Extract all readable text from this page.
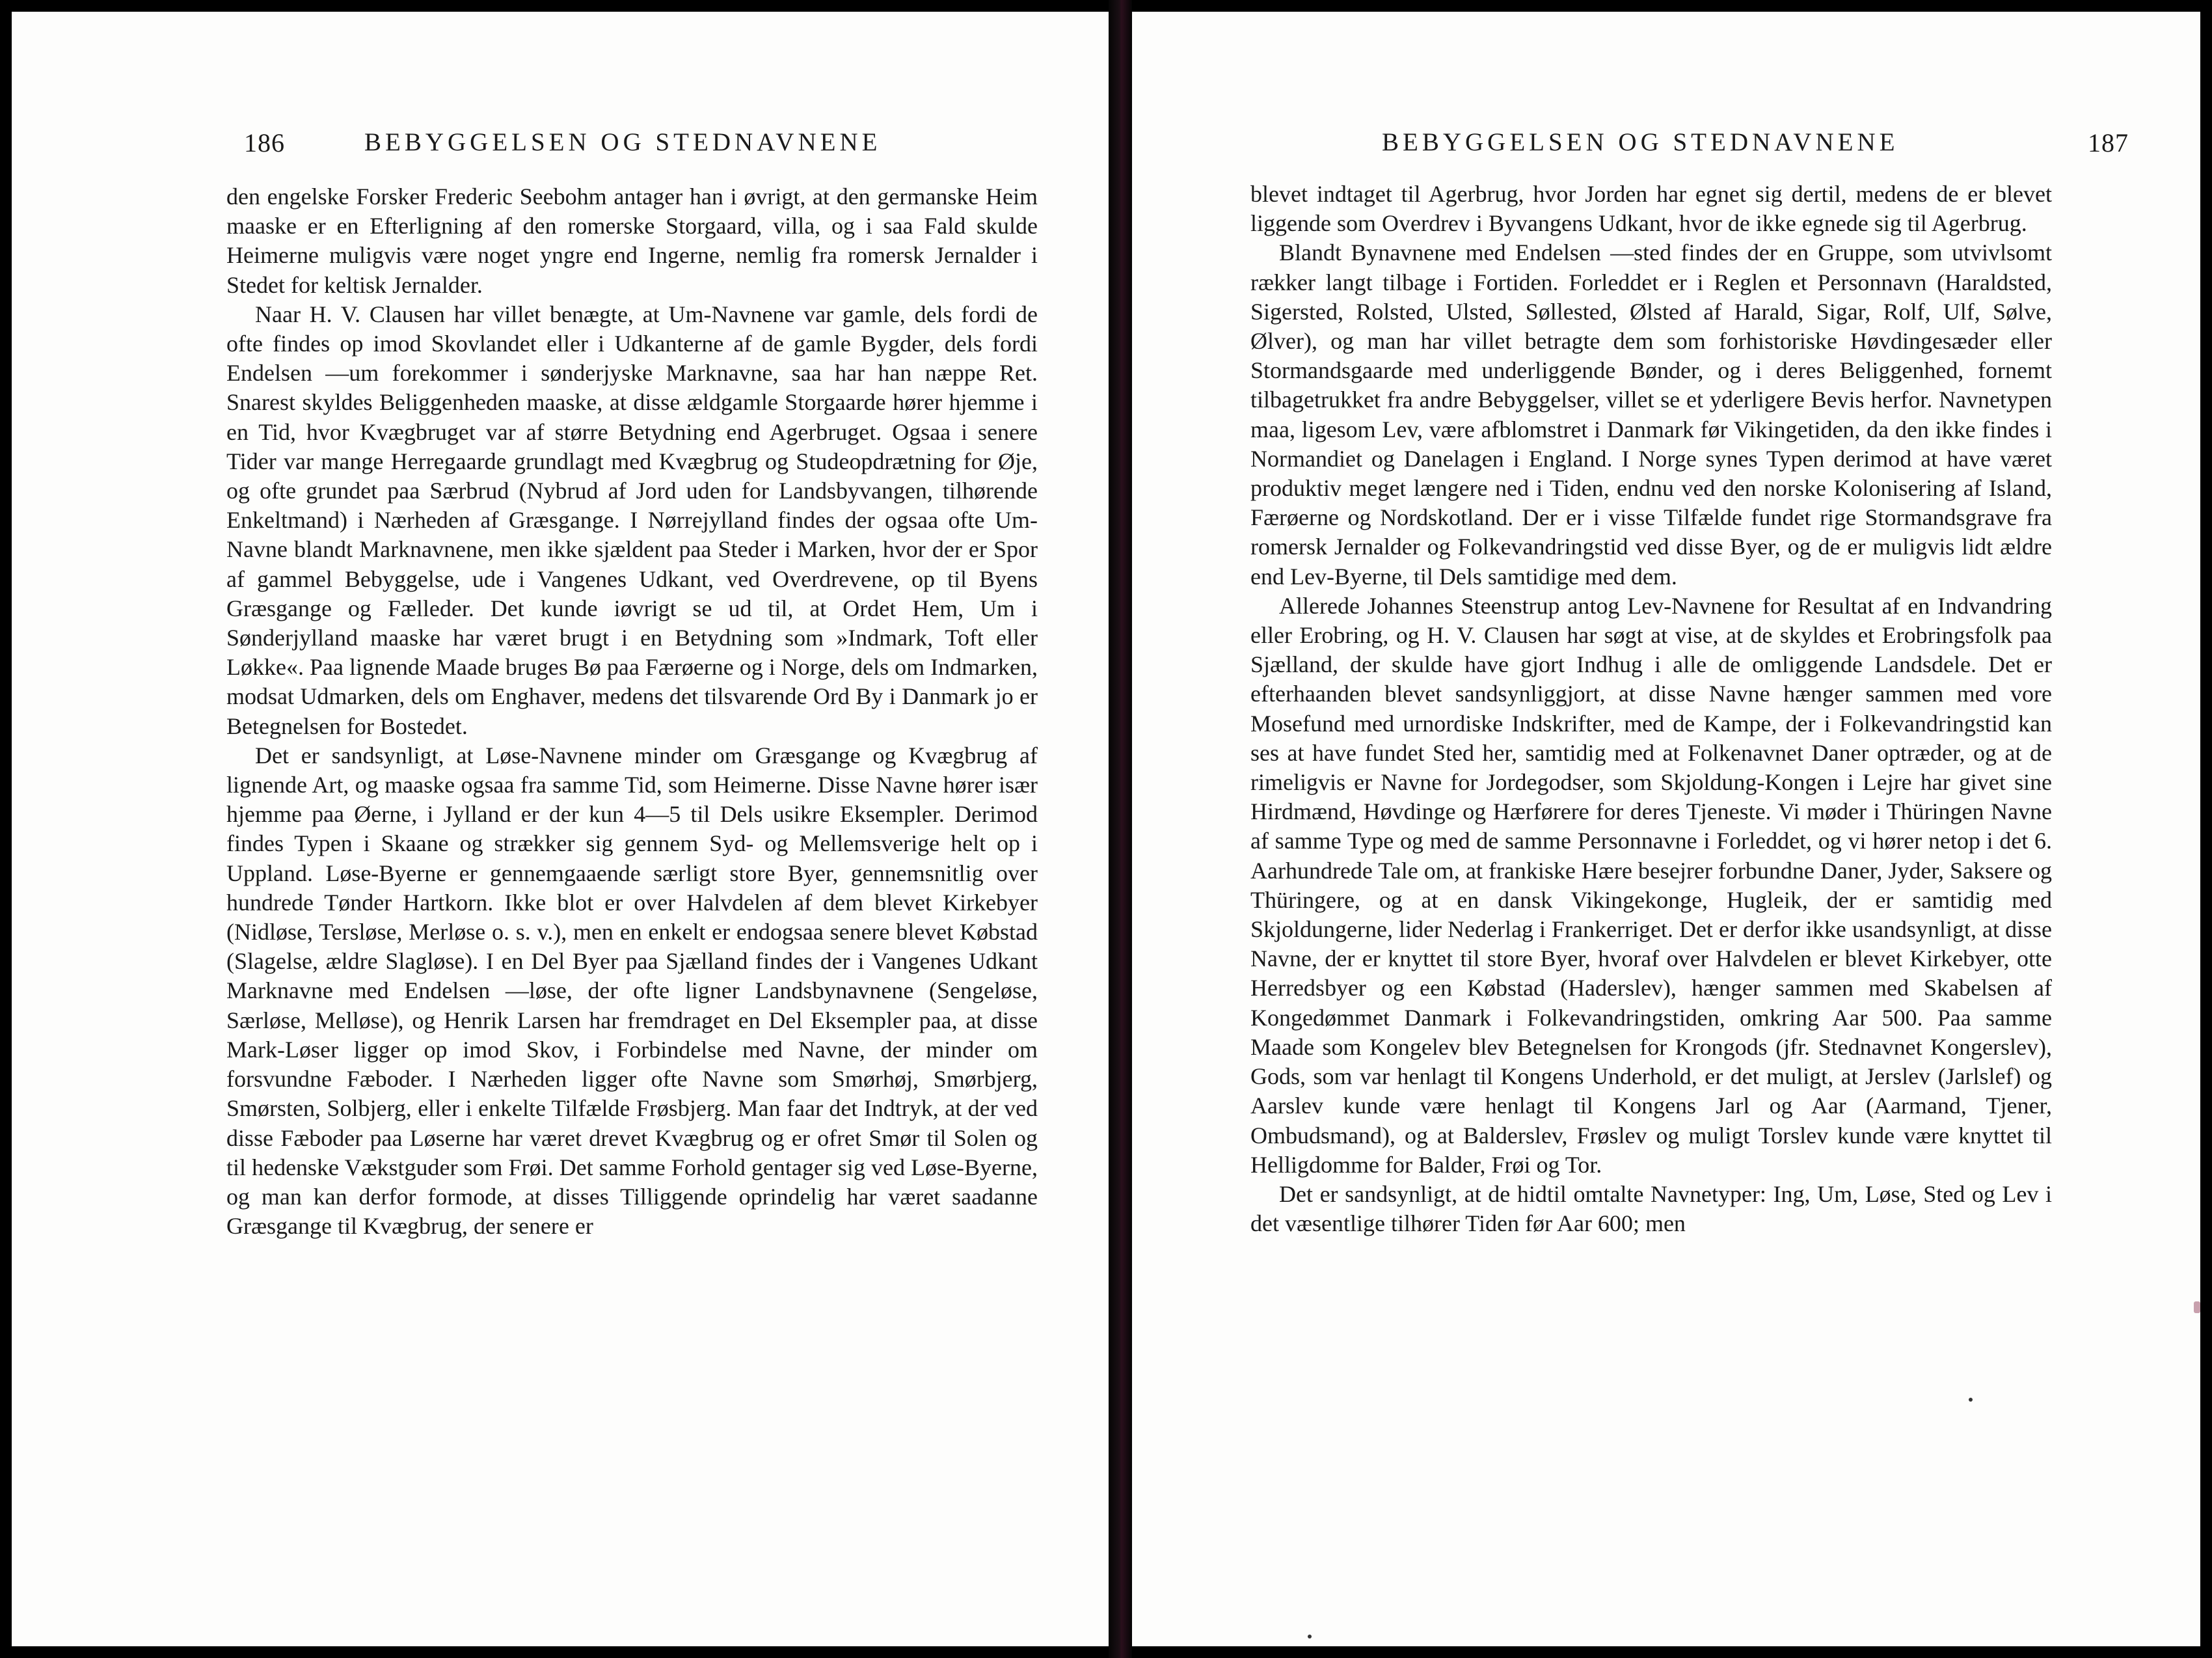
186	BEBYGGELSEN OG STEDNAVNENE

den engelske Forsker Frederic Seebohm antager han i øvrigt, at den germanske Heim maaske er en Efterligning af den romerske Storgaard, villa, og i saa Fald skulde Heimerne muligvis være noget yngre end Ingerne, nemlig fra romersk Jernalder i Stedet for keltisk Jernalder.

Naar H. V. Clausen har villet benægte, at Um-Navnene var gamle, dels fordi de ofte findes op imod Skovlandet eller i Udkanterne af de gamle Bygder, dels fordi Endelsen —um forekommer i sønderjyske Marknavne, saa har han næppe Ret. Snarest skyldes Beliggenheden maaske, at disse ældgamle Storgaarde hører hjemme i en Tid, hvor Kvægbruget var af større Betydning end Agerbruget. Ogsaa i senere Tider var mange Herregaarde grundlagt med Kvægbrug og Studeopdrætning for Øje, og ofte grundet paa Særbrud (Nybrud af Jord uden for Landsbyvangen, tilhørende Enkeltmand) i Nærheden af Græsgange. I Nørrejylland findes der ogsaa ofte Um-Navne blandt Marknavnene, men ikke sjældent paa Steder i Marken, hvor der er Spor af gammel Bebyggelse, ude i Vangenes Udkant, ved Overdrevene, op til Byens Græsgange og Fælleder. Det kunde iøvrigt se ud til, at Ordet Hem, Um i Sønderjylland maaske har været brugt i en Betydning som »Indmark, Toft eller Løkke«. Paa lignende Maade bruges Bø paa Færøerne og i Norge, dels om Indmarken, modsat Udmarken, dels om Enghaver, medens det tilsvarende Ord By i Danmark jo er Betegnelsen for Bostedet.

Det er sandsynligt, at Løse-Navnene minder om Græsgange og Kvægbrug af lignende Art, og maaske ogsaa fra samme Tid, som Heimerne. Disse Navne hører især hjemme paa Øerne, i Jylland er der kun 4—5 til Dels usikre Eksempler. Derimod findes Typen i Skaane og strækker sig gennem Syd- og Mellemsverige helt op i Uppland. Løse-Byerne er gennemgaaende særligt store Byer, gennemsnitlig over hundrede Tønder Hartkorn. Ikke blot er over Halvdelen af dem blevet Kirkebyer (Nidløse, Tersløse, Merløse o. s. v.), men en enkelt er endogsaa senere blevet Købstad (Slagelse, ældre Slagløse). I en Del Byer paa Sjælland findes der i Vangenes Udkant Marknavne med Endelsen —løse, der ofte ligner Landsbynavnene (Sengeløse, Særløse, Melløse), og Henrik Larsen har fremdraget en Del Eksempler paa, at disse Mark-Løser ligger op imod Skov, i Forbindelse med Navne, der minder om forsvundne Fæboder. I Nærheden ligger ofte Navne som Smørhøj, Smørbjerg, Smørsten, Solbjerg, eller i enkelte Tilfælde Frøsbjerg. Man faar det Indtryk, at der ved disse Fæboder paa Løserne har været drevet Kvægbrug og er ofret Smør til Solen og til hedenske Vækstguder som Frøi. Det samme Forhold gentager sig ved Løse-Byerne, og man kan derfor formode, at disses Tilliggende oprindelig har været saadanne Græsgange til Kvægbrug, der senere er

BEBYGGELSEN OG STEDNAVNENE	187

blevet indtaget til Agerbrug, hvor Jorden har egnet sig dertil, medens de er blevet liggende som Overdrev i Byvangens Udkant, hvor de ikke egnede sig til Agerbrug.

Blandt Bynavnene med Endelsen —sted findes der en Gruppe, som utvivlsomt rækker langt tilbage i Fortiden. Forleddet er i Reglen et Personnavn (Haraldsted, Sigersted, Rolsted, Ulsted, Søllested, Ølsted af Harald, Sigar, Rolf, Ulf, Sølve, Ølver), og man har villet betragte dem som forhistoriske Høvdingesæder eller Stormandsgaarde med underliggende Bønder, og i deres Beliggenhed, fornemt tilbagetrukket fra andre Bebyggelser, villet se et yderligere Bevis herfor. Navnetypen maa, ligesom Lev, være afblomstret i Danmark før Vikingetiden, da den ikke findes i Normandiet og Danelagen i England. I Norge synes Typen derimod at have været produktiv meget længere ned i Tiden, endnu ved den norske Kolonisering af Island, Færøerne og Nordskotland. Der er i visse Tilfælde fundet rige Stormandsgrave fra romersk Jernalder og Folkevandringstid ved disse Byer, og de er muligvis lidt ældre end Lev-Byerne, til Dels samtidige med dem.

Allerede Johannes Steenstrup antog Lev-Navnene for Resultat af en Indvandring eller Erobring, og H. V. Clausen har søgt at vise, at de skyldes et Erobringsfolk paa Sjælland, der skulde have gjort Indhug i alle de omliggende Landsdele. Det er efterhaanden blevet sandsynliggjort, at disse Navne hænger sammen med vore Mosefund med urnordiske Indskrifter, med de Kampe, der i Folkevandringstid kan ses at have fundet Sted her, samtidig med at Folkenavnet Daner optræder, og at de rimeligvis er Navne for Jordegodser, som Skjoldung-Kongen i Lejre har givet sine Hirdmænd, Høvdinge og Hærførere for deres Tjeneste. Vi møder i Thüringen Navne af samme Type og med de samme Personnavne i Forleddet, og vi hører netop i det 6. Aarhundrede Tale om, at frankiske Hære besejrer forbundne Daner, Jyder, Saksere og Thüringere, og at en dansk Vikingekonge, Hugleik, der er samtidig med Skjoldungerne, lider Nederlag i Frankerriget. Det er derfor ikke usandsynligt, at disse Navne, der er knyttet til store Byer, hvoraf over Halvdelen er blevet Kirkebyer, otte Herredsbyer og een Købstad (Haderslev), hænger sammen med Skabelsen af Kongedømmet Danmark i Folkevandringstiden, omkring Aar 500. Paa samme Maade som Kongelev blev Betegnelsen for Krongods (jfr. Stednavnet Kongerslev), Gods, som var henlagt til Kongens Underhold, er det muligt, at Jerslev (Jarlslef) og Aarslev kunde være henlagt til Kongens Jarl og Aar (Aarmand, Tjener, Ombudsmand), og at Balderslev, Frøslev og muligt Torslev kunde være knyttet til Helligdomme for Balder, Frøi og Tor.

Det er sandsynligt, at de hidtil omtalte Navnetyper: Ing, Um, Løse, Sted og Lev i det væsentlige tilhører Tiden før Aar 600; men
